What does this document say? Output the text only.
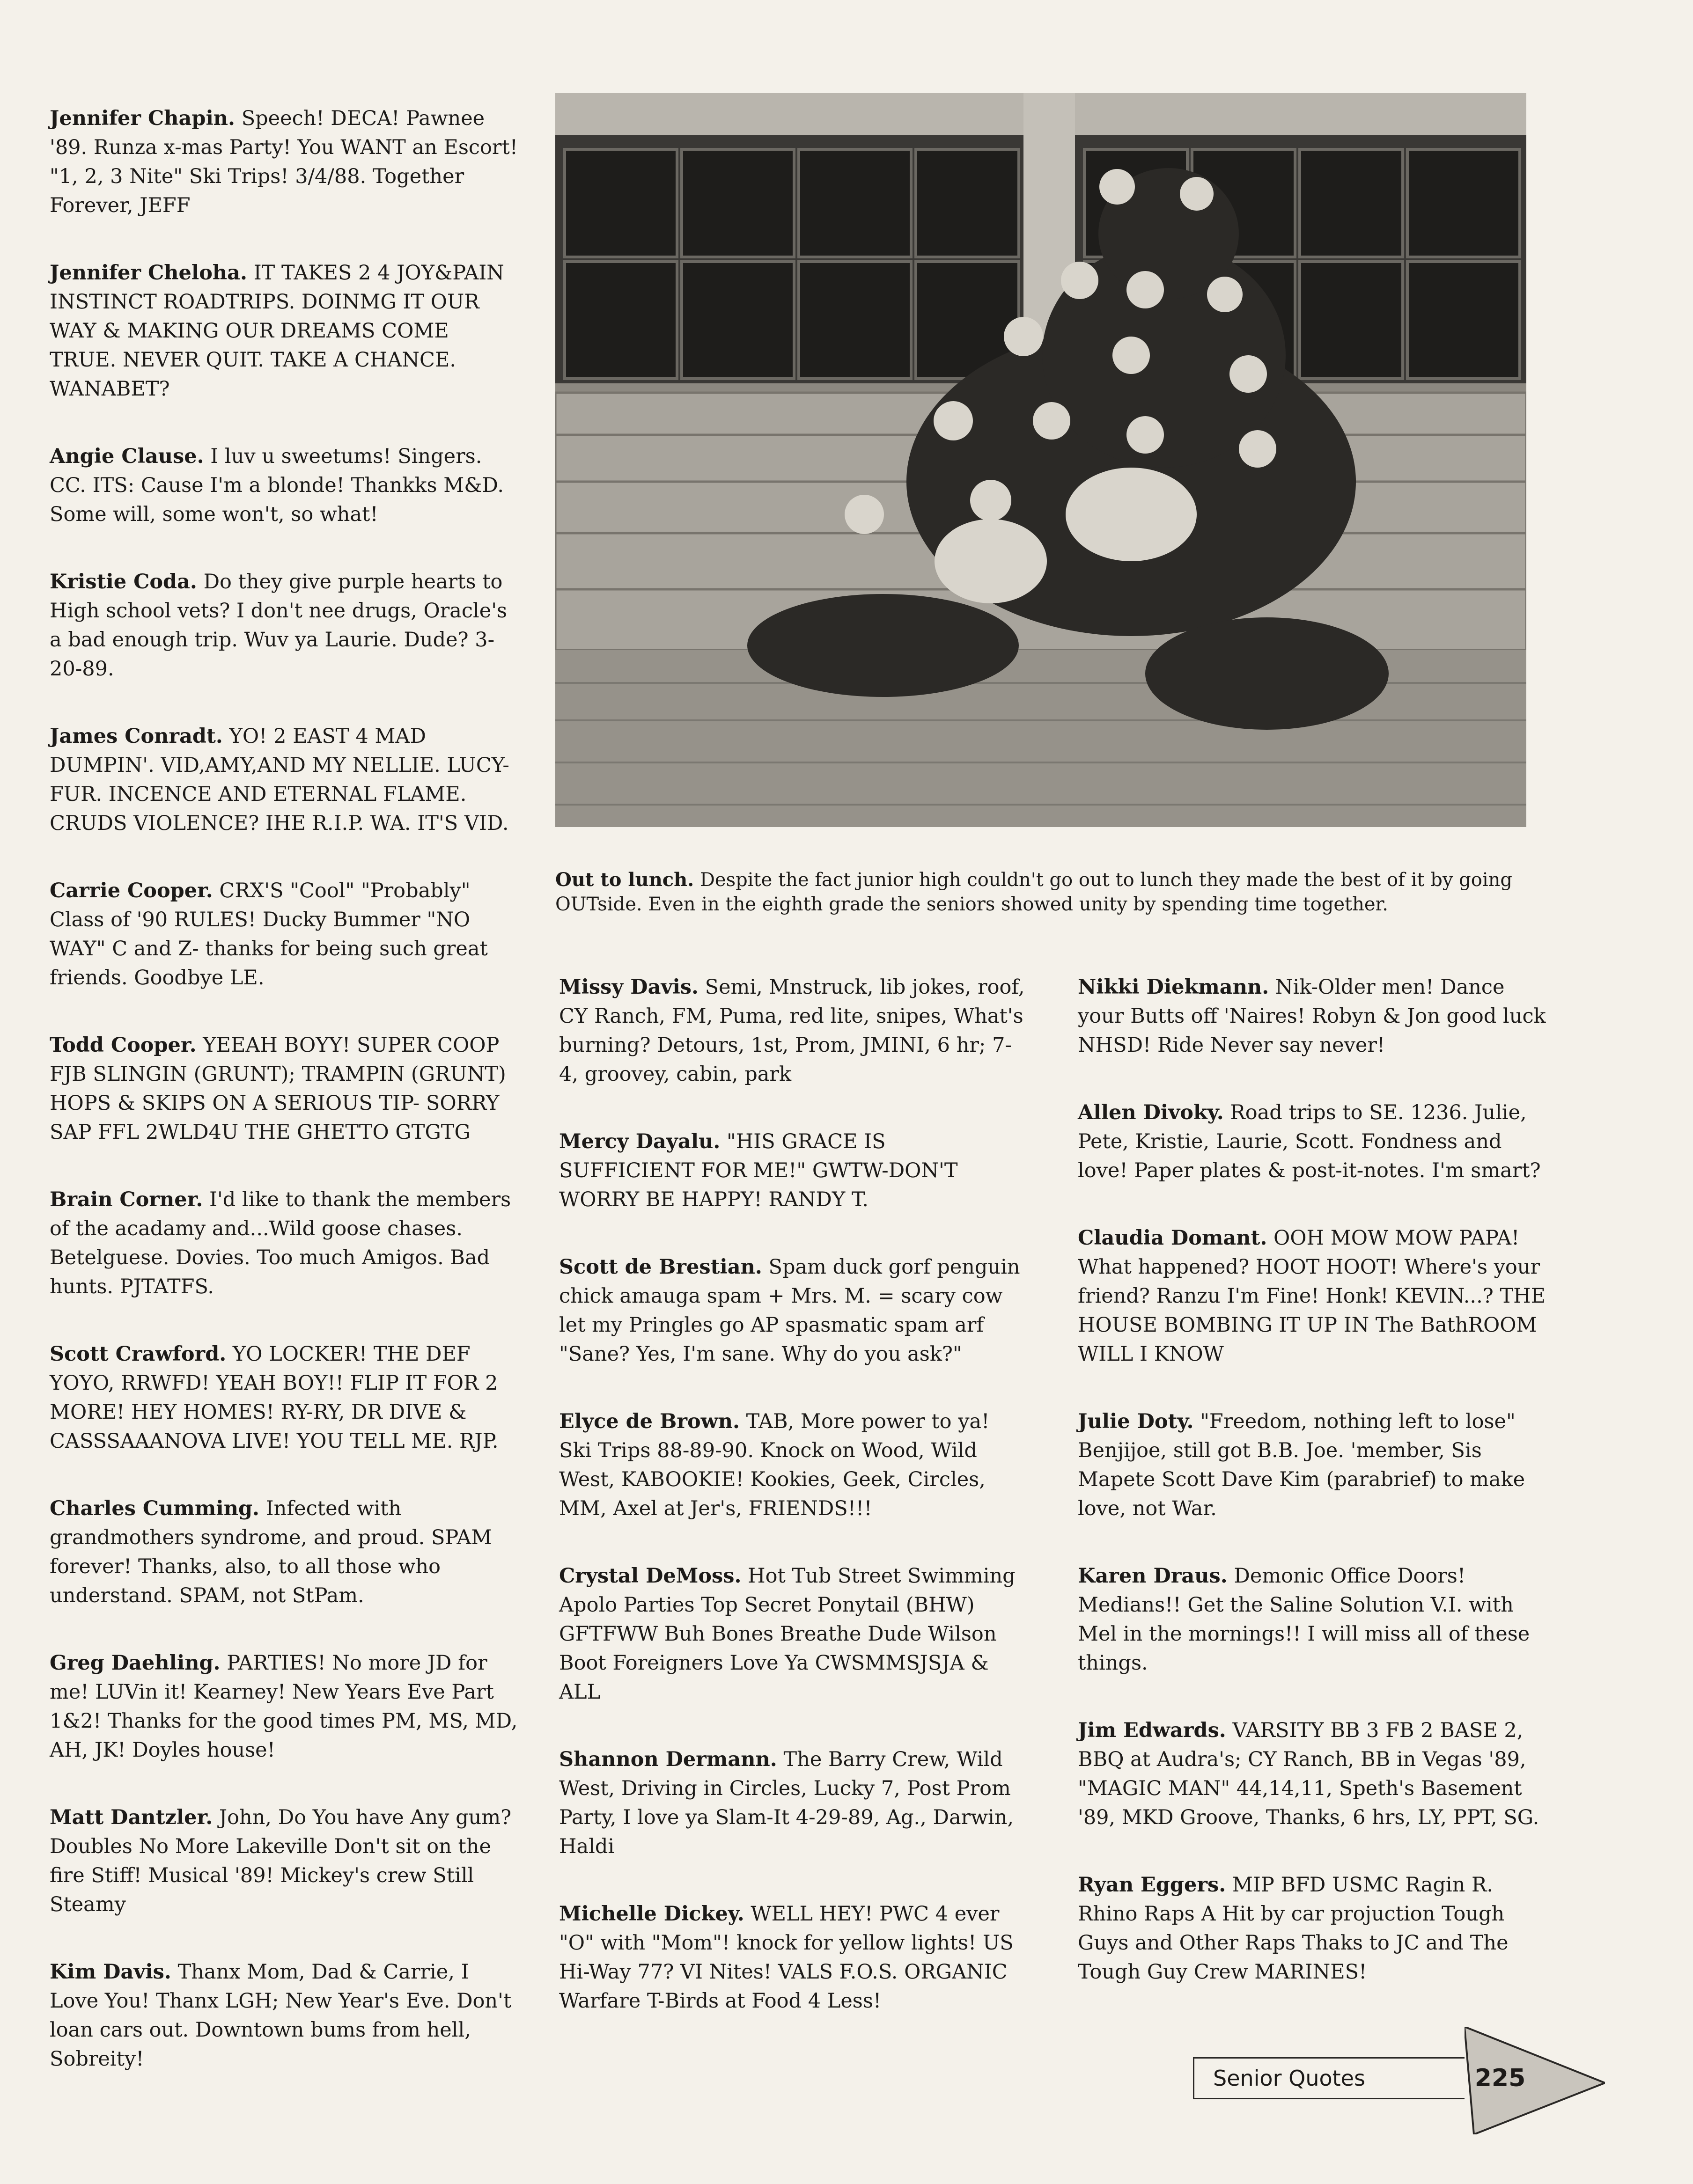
Jennifer Chapin. Speech! DECA! Pawnee '89. Runza x-mas Party! You WANT an Escort! "1, 2, 3 Nite" Ski Trips! 3/4/88. Together Forever, JEFF

Jennifer Cheloha. IT TAKES 2 4 JOY&PAIN INSTINCT ROADTRIPS. DOINMG IT OUR WAY & MAKING OUR DREAMS COME TRUE. NEVER QUIT. TAKE A CHANCE. WANABET?

Angie Clause. I luv u sweetums! Singers. CC. ITS: Cause I'm a blonde! Thankks M&D. Some will, some won't, so what!

Kristie Coda. Do they give purple hearts to High school vets? I don't nee drugs, Oracle's a bad enough trip. Wuv ya Laurie. Dude? 3-20-89.

James Conradt. YO! 2 EAST 4 MAD DUMPIN'. VID,AMY,AND MY NELLIE. LUCY-FUR. INCENCE AND ETERNAL FLAME. CRUDS VIOLENCE? IHE R.I.P. WA. IT'S VID.

Carrie Cooper. CRX'S "Cool" "Probably" Class of '90 RULES! Ducky Bummer "NO WAY" C and Z- thanks for being such great friends. Goodbye LE.

Todd Cooper. YEEAH BOYY! SUPER COOP FJB SLINGIN (GRUNT); TRAMPIN (GRUNT) HOPS & SKIPS ON A SERIOUS TIP- SORRY SAP FFL 2WLD4U THE GHETTO GTGTG

Brain Corner. I'd like to thank the members of the acadamy and...Wild goose chases. Betelguese. Dovies. Too much Amigos. Bad hunts. PJTATFS.

Scott Crawford. YO LOCKER! THE DEF YOYO, RRWFD! YEAH BOY!! FLIP IT FOR 2 MORE! HEY HOMES! RY-RY, DR DIVE & CASSSAAANOVA LIVE! YOU TELL ME. RJP.

Charles Cumming. Infected with grandmothers syndrome, and proud. SPAM forever! Thanks, also, to all those who understand. SPAM, not StPam.

Greg Daehling. PARTIES! No more JD for me! LUVin it! Kearney! New Years Eve Part 1&2! Thanks for the good times PM, MS, MD, AH, JK! Doyles house!

Matt Dantzler. John, Do You have Any gum? Doubles No More Lakeville Don't sit on the fire Stiff! Musical '89! Mickey's crew Still Steamy

Kim Davis. Thanx Mom, Dad & Carrie, I Love You! Thanx LGH; New Year's Eve. Don't loan cars out. Downtown bums from hell, Sobreity!

Out to lunch. Despite the fact junior high couldn't go out to lunch they made the best of it by going OUTside. Even in the eighth grade the seniors showed unity by spending time together.

Missy Davis. Semi, Mnstruck, lib jokes, roof, CY Ranch, FM, Puma, red lite, snipes, What's burning? Detours, 1st, Prom, JMINI, 6 hr; 7-4, groovey, cabin, park

Mercy Dayalu. "HIS GRACE IS SUFFICIENT FOR ME!" GWTW-DON'T WORRY BE HAPPY! RANDY T.

Scott de Brestian. Spam duck gorf penguin chick amauga spam + Mrs. M. = scary cow let my Pringles go AP spasmatic spam arf "Sane? Yes, I'm sane. Why do you ask?"

Elyce de Brown. TAB, More power to ya! Ski Trips 88-89-90. Knock on Wood, Wild West, KABOOKIE! Kookies, Geek, Circles, MM, Axel at Jer's, FRIENDS!!!

Crystal DeMoss. Hot Tub Street Swimming Apolo Parties Top Secret Ponytail (BHW) GFTFWW Buh Bones Breathe Dude Wilson Boot Foreigners Love Ya CWSMMSJSJA & ALL

Shannon Dermann. The Barry Crew, Wild West, Driving in Circles, Lucky 7, Post Prom Party, I love ya Slam-It 4-29-89, Ag., Darwin, Haldi

Michelle Dickey. WELL HEY! PWC 4 ever "O" with "Mom"! knock for yellow lights! US Hi-Way 77? VI Nites! VALS F.O.S. ORGANIC Warfare T-Birds at Food 4 Less!

Nikki Diekmann. Nik-Older men! Dance your Butts off 'Naires! Robyn & Jon good luck NHSD! Ride Never say never!

Allen Divoky. Road trips to SE. 1236. Julie, Pete, Kristie, Laurie, Scott. Fondness and love! Paper plates & post-it-notes. I'm smart?

Claudia Domant. OOH MOW MOW PAPA! What happened? HOOT HOOT! Where's your friend? Ranzu I'm Fine! Honk! KEVIN...? THE HOUSE BOMBING IT UP IN The BathROOM WILL I KNOW

Julie Doty. "Freedom, nothing left to lose" Benjijoe, still got B.B. Joe. 'member, Sis Mapete Scott Dave Kim (parabrief) to make love, not War.

Karen Draus. Demonic Office Doors! Medians!! Get the Saline Solution V.I. with Mel in the mornings!! I will miss all of these things.

Jim Edwards. VARSITY BB 3 FB 2 BASE 2, BBQ at Audra's; CY Ranch, BB in Vegas '89, "MAGIC MAN" 44,14,11, Speth's Basement '89, MKD Groove, Thanks, 6 hrs, LY, PPT, SG.

Ryan Eggers. MIP BFD USMC Ragin R. Rhino Raps A Hit by car projuction Tough Guys and Other Raps Thaks to JC and The Tough Guy Crew MARINES!

Senior Quotes	225
